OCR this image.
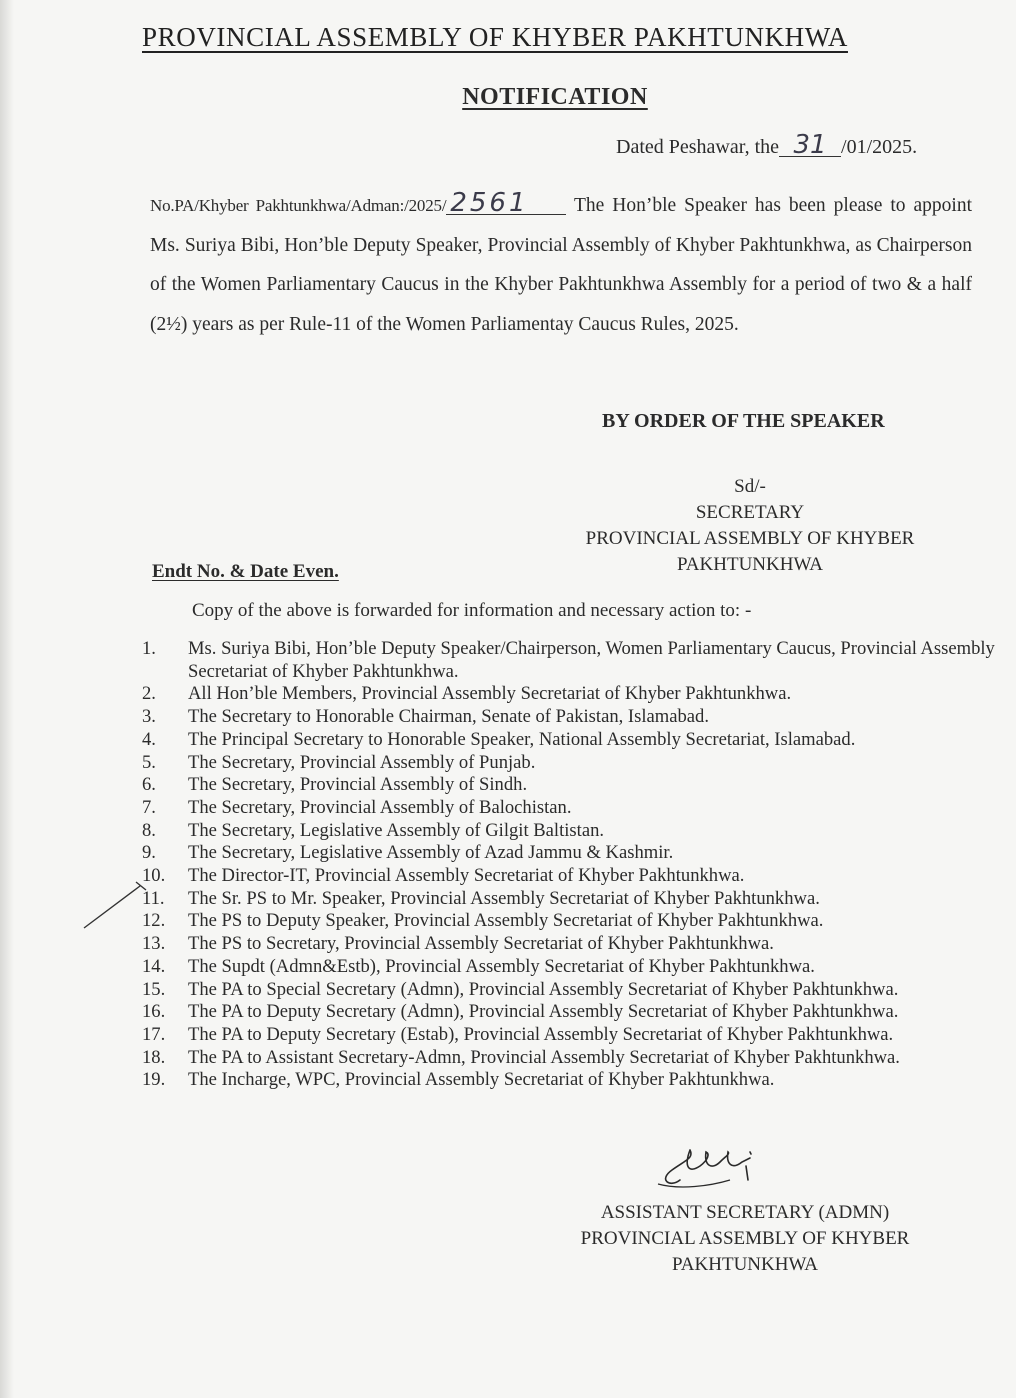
PROVINCIAL ASSEMBLY OF KHYBER PAKHTUNKHWA
NOTIFICATION
Dated Peshawar, the 31 /01/2025.
No.PA/Khyber Pakhtunkhwa/Adman:/2025/ 2561 The Hon’ble Speaker has been please to appoint Ms. Suriya Bibi, Hon’ble Deputy Speaker, Provincial Assembly of Khyber Pakhtunkhwa, as Chairperson of the Women Parliamentary Caucus in the Khyber Pakhtunkhwa Assembly for a period of two & a half (2½) years as per Rule-11 of the Women Parliamentay Caucus Rules, 2025.
BY ORDER OF THE SPEAKER
Sd/-
SECRETARY
PROVINCIAL ASSEMBLY OF KHYBER
PAKHTUNKHWA
Endt No. & Date Even.
Copy of the above is forwarded for information and necessary action to: -
1.	Ms. Suriya Bibi, Hon’ble Deputy Speaker/Chairperson, Women Parliamentary Caucus, Provincial Assembly Secretariat of Khyber Pakhtunkhwa.
2.	All Hon’ble Members, Provincial Assembly Secretariat of Khyber Pakhtunkhwa.
3.	The Secretary to Honorable Chairman, Senate of Pakistan, Islamabad.
4.	The Principal Secretary to Honorable Speaker, National Assembly Secretariat, Islamabad.
5.	The Secretary, Provincial Assembly of Punjab.
6.	The Secretary, Provincial Assembly of Sindh.
7.	The Secretary, Provincial Assembly of Balochistan.
8.	The Secretary, Legislative Assembly of Gilgit Baltistan.
9.	The Secretary, Legislative Assembly of Azad Jammu & Kashmir.
10.	The Director-IT, Provincial Assembly Secretariat of Khyber Pakhtunkhwa.
11.	The Sr. PS to Mr. Speaker, Provincial Assembly Secretariat of Khyber Pakhtunkhwa.
12.	The PS to Deputy Speaker, Provincial Assembly Secretariat of Khyber Pakhtunkhwa.
13.	The PS to Secretary, Provincial Assembly Secretariat of Khyber Pakhtunkhwa.
14.	The Supdt (Admn&Estb), Provincial Assembly Secretariat of Khyber Pakhtunkhwa.
15.	The PA to Special Secretary (Admn), Provincial Assembly Secretariat of Khyber Pakhtunkhwa.
16.	The PA to Deputy Secretary (Admn), Provincial Assembly Secretariat of Khyber Pakhtunkhwa.
17.	The PA to Deputy Secretary (Estab), Provincial Assembly Secretariat of Khyber Pakhtunkhwa.
18.	The PA to Assistant Secretary-Admn, Provincial Assembly Secretariat of Khyber Pakhtunkhwa.
19.	The Incharge, WPC, Provincial Assembly Secretariat of Khyber Pakhtunkhwa.
ASSISTANT SECRETARY (ADMN)
PROVINCIAL ASSEMBLY OF KHYBER
PAKHTUNKHWA
